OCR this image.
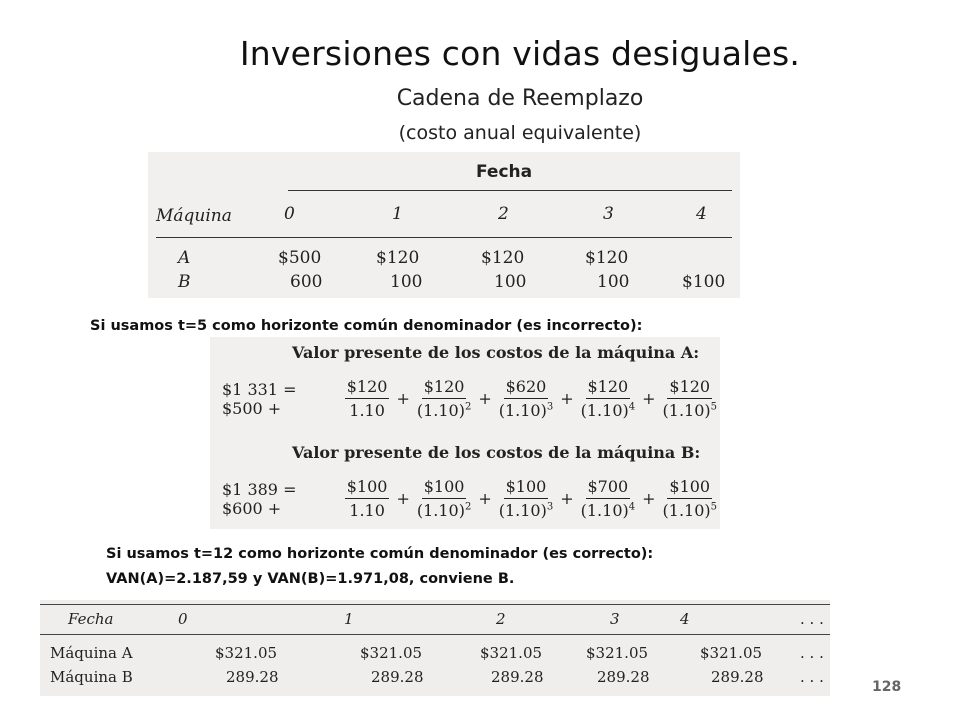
Inversiones con vidas desiguales.
Cadena de Reemplazo
(costo anual equivalente)
Fecha
Máquina	0	1	2	3	4
A	$500	$120	$120	$120
B	600	100	100	100	$100
Si usamos t=5 como horizonte común denominador (es incorrecto):
Valor presente de los costos de la máquina A:
$1 331 = $500 +	$\frac{\$120}{1.10} + \frac{\$120}{(1.10)^2} + \frac{\$620}{(1.10)^3} + \frac{\$120}{(1.10)^4} + \frac{\$120}{(1.10)^5}$
Valor presente de los costos de la máquina B:
$1 389 = $600 +	$\frac{\$100}{1.10} + \frac{\$100}{(1.10)^2} + \frac{\$100}{(1.10)^3} + \frac{\$700}{(1.10)^4} + \frac{\$100}{(1.10)^5}$
Si usamos t=12 como horizonte común denominador (es correcto):
VAN(A)=2.187,59 y VAN(B)=1.971,08, conviene B.
Fecha	0	1	2	3	4	. . .
Máquina A	$321.05	$321.05	$321.05	$321.05	$321.05	. . .
Máquina B	289.28	289.28	289.28	289.28	289.28 . . .
128
